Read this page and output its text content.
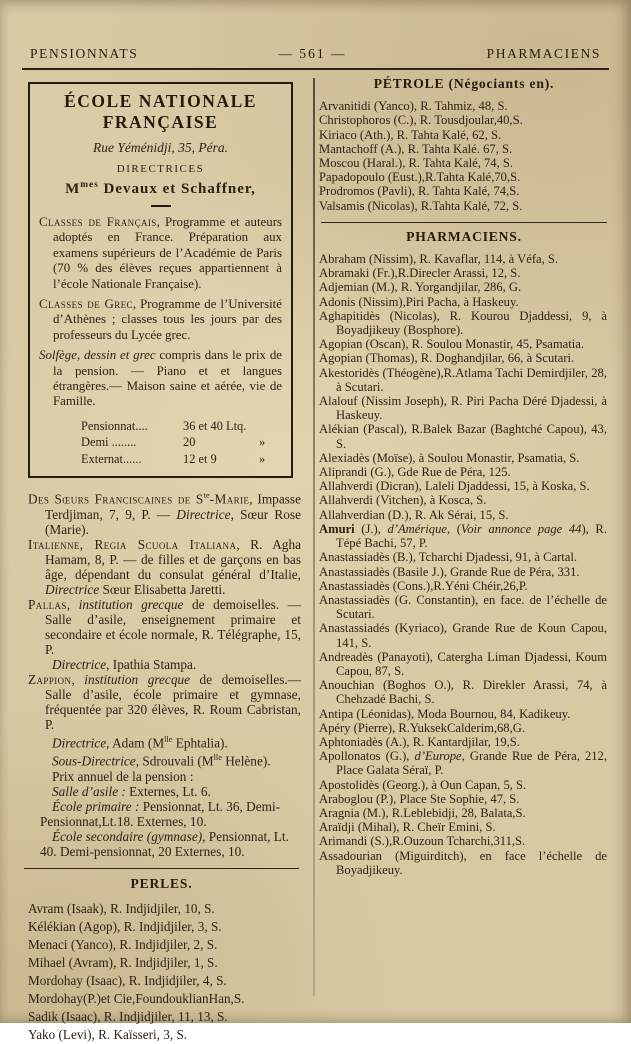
PENSIONNATS	— 561 —	PHARMACIENS
ÉCOLE NATIONALE FRANÇAISE
Rue Yéménidji, 35, Péra.
DIRECTRICES
$M^{mes}$ Devaux et Schaffner,
Classes de Français, Programme et auteurs adoptés en France. Préparation aux examens supérieurs de l’Académie de Paris (70 % des élèves reçues appartiennent à l’école Nationale Française).
Classes de Grec, Programme de l’Université d’Athènes ; classes tous les jours par des professeurs du Lycée grec.
Solfège, dessin et grec compris dans le prix de la pension. — Piano et et langues étrangères.— Maison saine et aérée, vie de Famille.
Pensionnat....	36 et 40 Ltq.
Demi ........	20	»
Externat......	12 et 9	»
Des Sœurs Franciscaines de $S^{te}$-Marie, Impasse Terdjiman, 7, 9, P. — Directrice, Sœur Rose (Marie).
Italienne, Regia Scuola Italiana, R. Agha Hamam, 8, P. — de filles et de garçons en bas âge, dépendant du consulat général d’Italie, Directrice Sœur Elisabetta Jaretti.
Pallas, institution grecque de demoiselles. — Salle d’asile, enseignement primaire et secondaire et école normale, R. Télégraphe, 15, P.
Directrice, Ipathia Stampa.
Zappion, institution grecque de demoiselles.—Salle d’asile, école primaire et gymnase, fréquentée par 320 élèves, R. Roum Cabristan, P.
Directrice, Adam ($M^{lle}$ Ephtalia).
Sous-Directrice, Sdrouvali ($M^{lle}$ Helène).
Prix annuel de la pension :
Salle d’asile : Externes, Lt. 6.
École primaire : Pensionnat, Lt. 36, Demi-Pensionnat,Lt.18. Externes, 10.
École secondaire (gymnase), Pensionnat, Lt. 40. Demi-pensionnat, 20 Externes, 10.
PERLES.
Avram (Isaak), R. Indjidjiler, 10, S.
Kélékian (Agop), R. Indjidjiler, 3, S.
Menaci (Yanco), R. Indjidjiler, 2, S.
Mihael (Avram), R. Indjidjiler, 1, S.
Mordohay (Isaac), R. Indjidjiler, 4, S.
Mordohay(P.)et Cie,FoundouklianHan,S.
Sadik (Isaac), R. Indjidjiler, 11, 13, S.
Yako (Levi), R. Kaïsseri, 3, S.
PÉTROLE (Négociants en).
Arvanitidi (Yanco), R. Tahmiz, 48, S.
Christophoros (C.), R. Tousdjoular,40,S.
Kiriaco (Ath.), R. Tahta Kalé, 62, S.
Mantachoff (A.), R. Tahta Kalé. 67, S.
Moscou (Haral.), R. Tahta Kalé, 74, S.
Papadopoulo (Eust.),R.Tahta Kalé,70,S.
Prodromos (Pavli), R. Tahta Kalé, 74,S.
Valsamis (Nicolas), R.Tahta Kalé, 72, S.
PHARMACIENS.
Abraham (Nissim), R. Kavaflar, 114, à Véfa, S.
Abramaki (Fr.),R.Direcler Arassi, 12, S.
Adjemian (M.), R. Yorgandjilar, 286, G.
Adonis (Nissim),Piri Pacha, à Haskeuy.
Aghapitidès (Nicolas), R. Kourou Djaddessi, 9, à Boyadjikeuy (Bosphore).
Agopian (Oscan), R. Soulou Monastir, 45, Psamatia.
Agopian (Thomas), R. Doghandjilar, 66, à Scutari.
Akestoridès (Théogène),R.Atlama Tachi Demirdjiler, 28, à Scutari.
Alalouf (Nissim Joseph), R. Piri Pacha Déré Djadessi, à Haskeuy.
Alékian (Pascal), R.Balek Bazar (Baghtché Capou), 43, S.
Alexiadès (Moïse), à Soulou Monastir, Psamatia, S.
Aliprandi (G.), Gde Rue de Péra, 125.
Allahverdi (Dicran), Laleli Djaddessi, 15, à Koska, S.
Allahverdi (Vitchen), à Kosca, S.
Allahverdian (D.), R. Ak Sérai, 15, S.
Amuri (J.), d’Amérique, (Voir annonce page 44), R. Tépé Bachi, 57, P.
Anastassiadès (B.), Tcharchi Djadessi, 91, à Cartal.
Anastassiadès (Basile J.), Grande Rue de Péra, 331.
Anastassiadès (Cons.),R.Yéni Chéir,26,P.
Anastassiadès (G. Constantin), en face. de l’échelle de Scutari.
Anastassiadés (Kyriaco), Grande Rue de Koun Capou, 141, S.
Andreadès (Panayoti), Catergha Liman Djadessi, Koum Capou, 87, S.
Anouchian (Boghos O.), R. Direkler Arassi, 74, à Chehzadé Bachi, S.
Antipa (Léonidas), Moda Bournou, 84, Kadikeuy.
Apéry (Pierre), R.YuksekCalderim,68,G.
Aphtoniadès (A.), R. Kantardjilar, 19,S.
Apollonatos (G.), d’Europe, Grande Rue de Péra, 212, Place Galata Séraï, P.
Apostolidès (Georg.), à Oun Capan, 5, S.
Araboglou (P.), Place Ste Sophie, 47, S.
Aragnia (M.), R.Leblebidji, 28, Balata,S.
Araïdji (Mihal), R. Cheïr Emini, S.
Arimandi (S.),R.Ouzoun Tcharchi,311,S.
Assadourian (Miguirditch), en face l’échelle de Boyadjikeuy.
